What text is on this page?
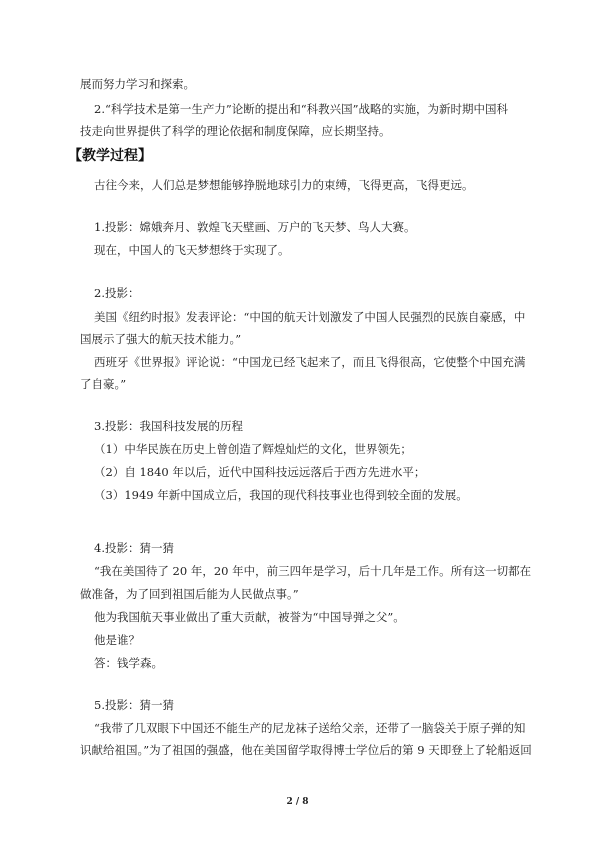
展而努力学习和探索。
2.“科学技术是第一生产力”论断的提出和“科教兴国”战略的实施，为新时期中国科
技走向世界提供了科学的理论依据和制度保障，应长期坚持。
【教学过程】
古往今来，人们总是梦想能够挣脱地球引力的束缚，飞得更高，飞得更远。
1.投影：嫦娥奔月、敦煌飞天壁画、万户的飞天梦、鸟人大赛。
现在，中国人的飞天梦想终于实现了。
2.投影：
美国《纽约时报》发表评论：“中国的航天计划激发了中国人民强烈的民族自豪感，中
国展示了强大的航天技术能力。”
西班牙《世界报》评论说：“中国龙已经飞起来了，而且飞得很高，它使整个中国充满
了自豪。”
3.投影：我国科技发展的历程
（1）中华民族在历史上曾创造了辉煌灿烂的文化，世界领先；
（2）自 1840 年以后，近代中国科技远远落后于西方先进水平；
（3）1949 年新中国成立后，我国的现代科技事业也得到较全面的发展。
4.投影：猜一猜
“我在美国待了 20 年，20 年中，前三四年是学习，后十几年是工作。所有这一切都在
做准备，为了回到祖国后能为人民做点事。”
他为我国航天事业做出了重大贡献，被誉为“中国导弹之父”。
他是谁？
答：钱学森。
5.投影：猜一猜
“我带了几双眼下中国还不能生产的尼龙袜子送给父亲，还带了一脑袋关于原子弹的知
识献给祖国。”为了祖国的强盛，他在美国留学取得博士学位后的第 9 天即登上了轮船返回
2 / 8
